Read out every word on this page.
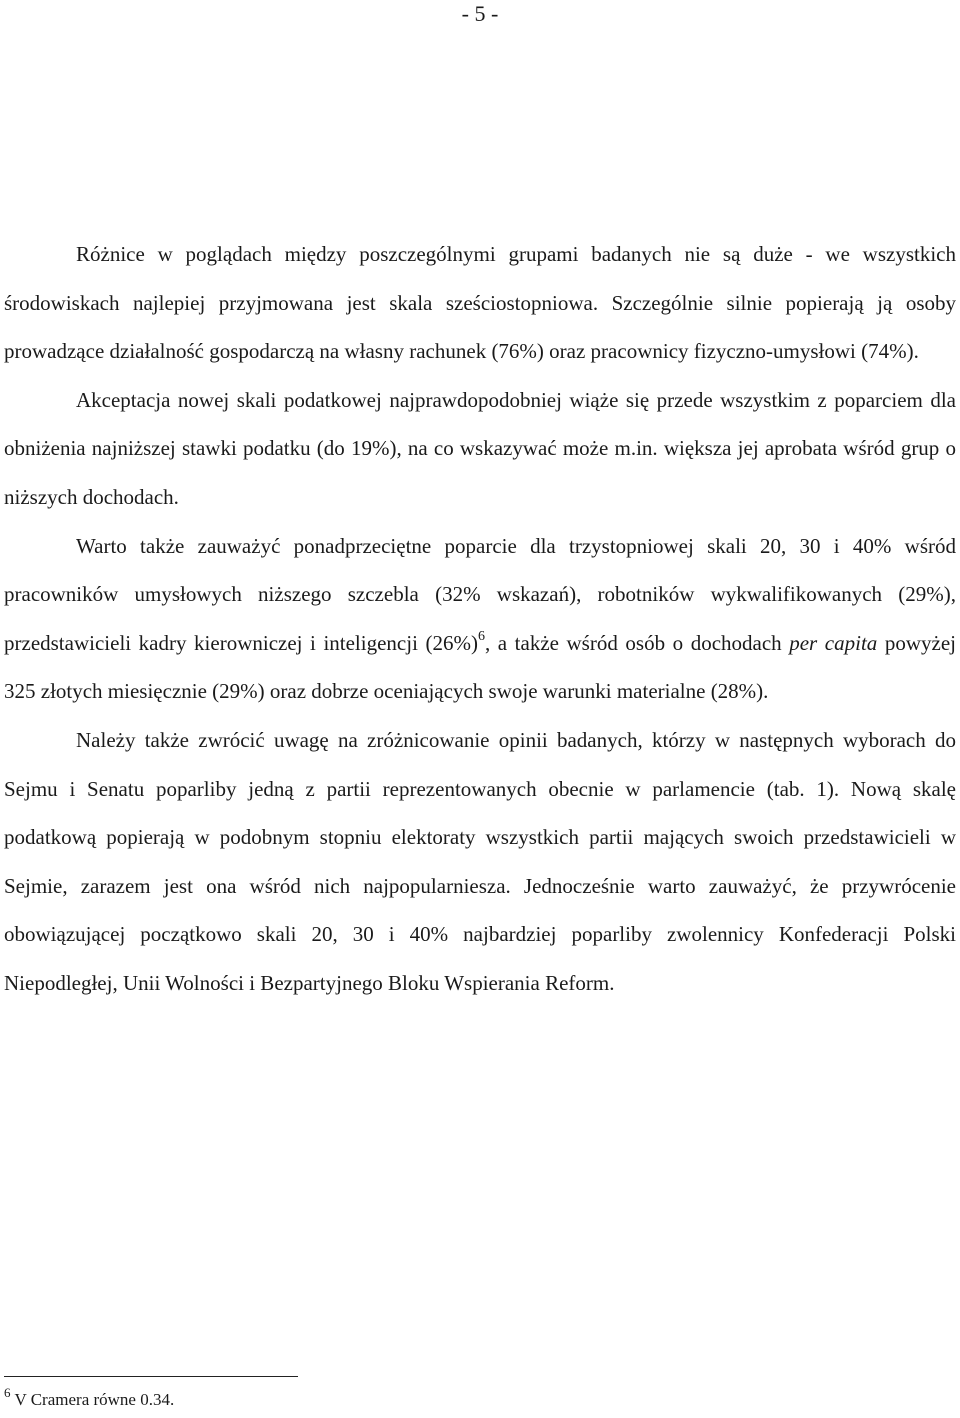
- 5 -

Różnice w poglądach między poszczególnymi grupami badanych nie są duże - we wszystkich środowiskach najlepiej przyjmowana jest skala sześciostopniowa. Szczególnie silnie popierają ją osoby prowadzące działalność gospodarczą na własny rachunek (76%) oraz pracownicy fizyczno-umysłowi (74%).

Akceptacja nowej skali podatkowej najprawdopodobniej wiąże się przede wszystkim z poparciem dla obniżenia najniższej stawki podatku (do 19%), na co wskazywać może m.in. większa jej aprobata wśród grup o niższych dochodach.

Warto także zauważyć ponadprzeciętne poparcie dla trzystopniowej skali 20, 30 i 40% wśród pracowników umysłowych niższego szczebla (32% wskazań), robotników wykwalifikowanych (29%), przedstawicieli kadry kierowniczej i inteligencji $(26\%)^6$, a także wśród osób o dochodach per capita powyżej 325 złotych miesięcznie (29%) oraz dobrze oceniających swoje warunki materialne (28%).

Należy także zwrócić uwagę na zróżnicowanie opinii badanych, którzy w następnych wyborach do Sejmu i Senatu poparliby jedną z partii reprezentowanych obecnie w parlamencie (tab. 1). Nową skalę podatkową popierają w podobnym stopniu elektoraty wszystkich partii mających swoich przedstawicieli w Sejmie, zarazem jest ona wśród nich najpopularniesza. Jednocześnie warto zauważyć, że przywrócenie obowiązującej początkowo skali 20, 30 i 40% najbardziej poparliby zwolennicy Konfederacji Polski Niepodległej, Unii Wolności i Bezpartyjnego Bloku Wspierania Reform.

$^6$ V Cramera równe 0.34.
